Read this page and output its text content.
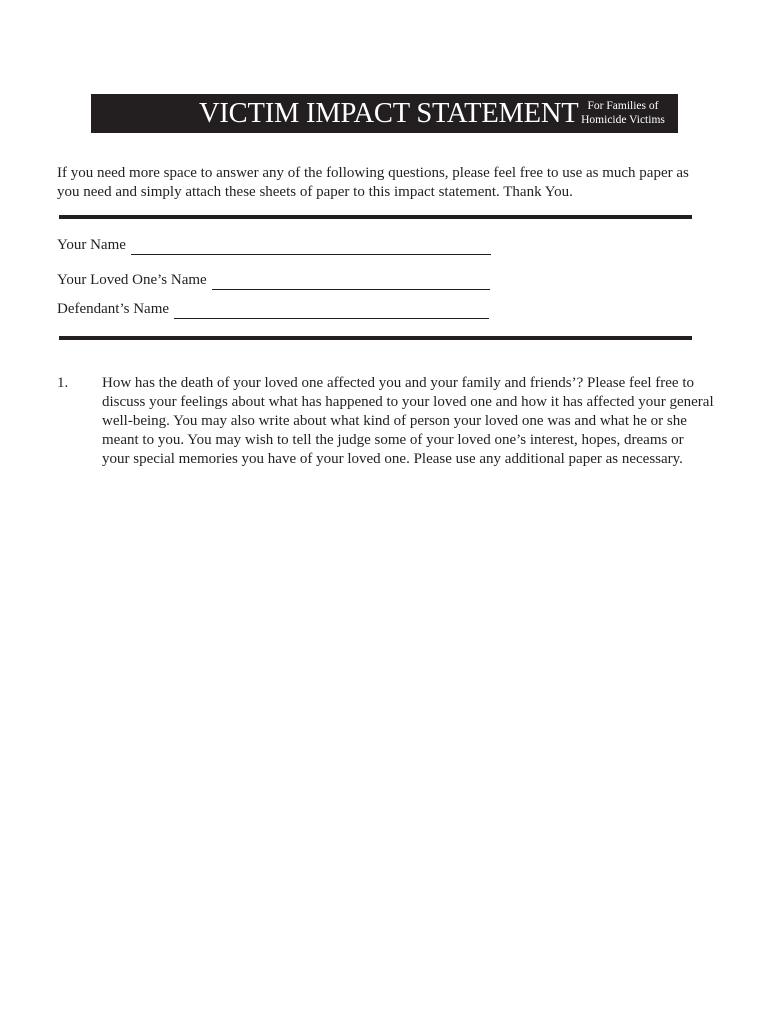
VICTIM IMPACT STATEMENT For Families of
Homicide Victims

If you need more space to answer any of the following questions, please feel free to use as much paper as you need and simply attach these sheets of paper to this impact statement. Thank You.

Your Name
Your Loved One’s Name
Defendant’s Name
1. How has the death of your loved one affected you and your family and friends’? Please feel free to discuss your feelings about what has happened to your loved one and how it has affected your general well-being. You may also write about what kind of person your loved one was and what he or she meant to you. You may wish to tell the judge some of your loved one’s interest, hopes, dreams or your special memories you have of your loved one. Please use any additional paper as necessary.
